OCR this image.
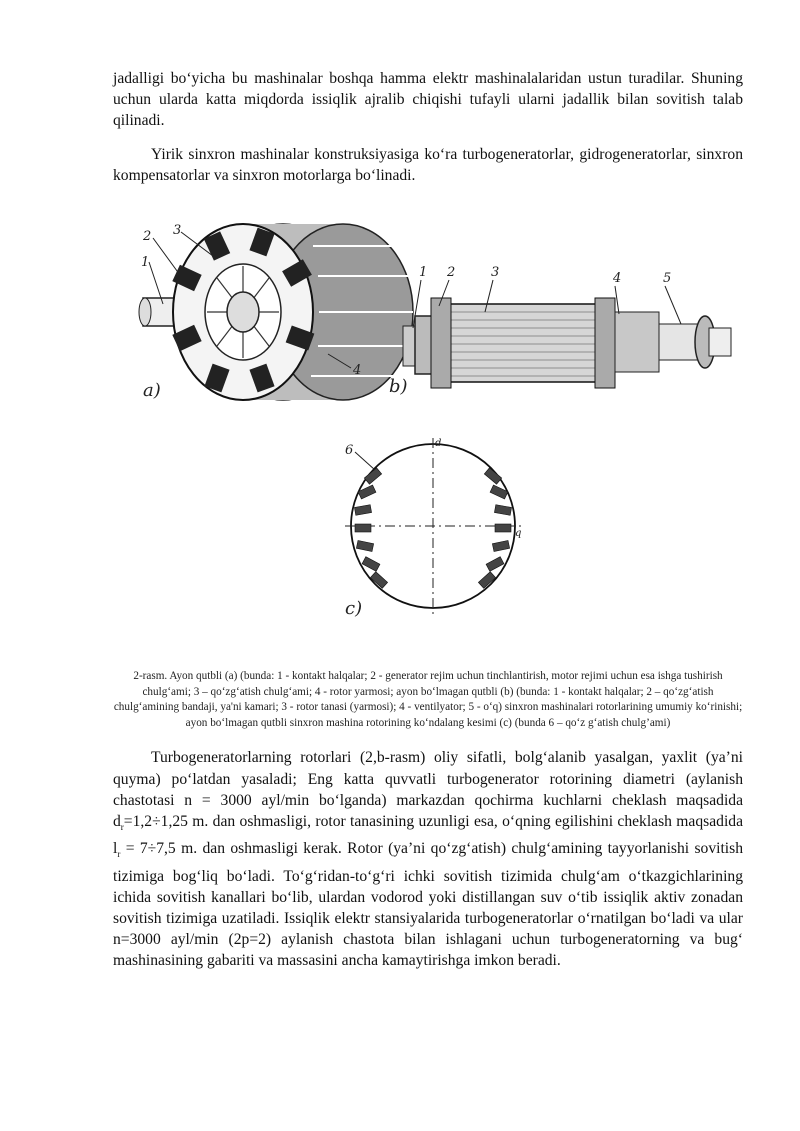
jadalligi bo‘yicha bu mashinalar boshqa hamma elektr mashinalalaridan ustun turadilar. Shuning uchun ularda katta miqdorda issiqlik ajralib chiqishi tufayli ularni jadallik bilan sovitish talab qilinadi.

Yirik sinxron mashinalar konstruksiyasiga ko‘ra turbogeneratorlar, gidrogeneratorlar, sinxron kompensatorlar va sinxron motorlarga bo‘linadi.

2 3
1
4
a)
1 2	3	4	5
b)
d
q
6
c)
2-rasm. Ayon qutbli (a) (bunda: 1 - kontakt halqalar; 2 - generator rejim uchun tinchlantirish, motor rejimi uchun esa ishga tushirish chulg‘ami; 3 – qo‘zg‘atish chulg‘ami; 4 - rotor yarmosi; ayon bo‘lmagan qutbli (b) (bunda: 1 - kontakt halqalar; 2 – qo‘zg‘atish chulg‘amining bandaji, ya'ni kamari; 3 - rotor tanasi (yarmosi); 4 - ventilyator; 5 - o‘q) sinxron mashinalari rotorlarining umumiy ko‘rinishi; ayon bo‘lmagan qutbli sinxron mashina rotorining ko‘ndalang kesimi (c) (bunda 6 – qo‘z g‘atish chulg’ami)

Turbogeneratorlarning rotorlari (2,b-rasm) oliy sifatli, bolg‘alanib yasalgan, yaxlit (ya’ni quyma) po‘latdan yasaladi; Eng katta quvvatli turbogenerator rotorining diametri (aylanish chastotasi n = 3000 ayl/min bo‘lganda) markazdan qochirma kuchlarni cheklash maqsadida $d_r=1,2\div 1,25$ m. dan oshmasligi, rotor tanasining uzunligi esa, o‘qning egilishini cheklash maqsadida $l_r = 7\div 7,5$ m. dan oshmasligi kerak. Rotor (ya’ni qo‘zg‘atish) chulg‘amining tayyorlanishi sovitish tizimiga bog‘liq bo‘ladi. To‘g‘ridan-to‘g‘ri ichki sovitish tizimida chulg‘am o‘tkazgichlarining ichida sovitish kanallari bo‘lib, ulardan vodorod yoki distillangan suv o‘tib issiqlik aktiv zonadan sovitish tizimiga uzatiladi. Issiqlik elektr stansiyalarida turbogeneratorlar o‘rnatilgan bo‘ladi va ular n=3000 ayl/min (2p=2) aylanish chastota bilan ishlagani uchun turbogeneratorning va bug‘ mashinasining gabariti va massasini ancha kamaytirishga imkon beradi.
